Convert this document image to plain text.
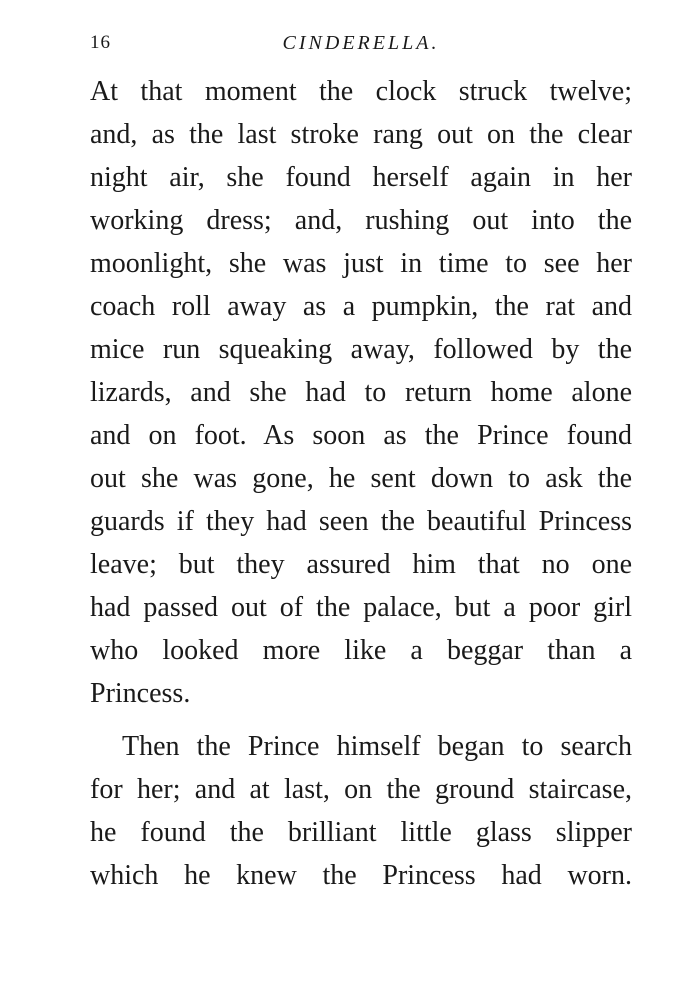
16	CINDERELLA.
At that moment the clock struck twelve;
and, as the last stroke rang out on the clear
night air, she found herself again in her
working dress; and, rushing out into the
moonlight, she was just in time to see her
coach roll away as a pumpkin, the rat and
mice run squeaking away, followed by the
lizards, and she had to return home alone
and on foot. As soon as the Prince found
out she was gone, he sent down to ask the
guards if they had seen the beautiful Princess
leave; but they assured him that no one
had passed out of the palace, but a poor girl
who looked more like a beggar than a
Princess.
Then the Prince himself began to search
for her; and at last, on the ground staircase,
he found the brilliant little glass slipper
which he knew the Princess had worn.
